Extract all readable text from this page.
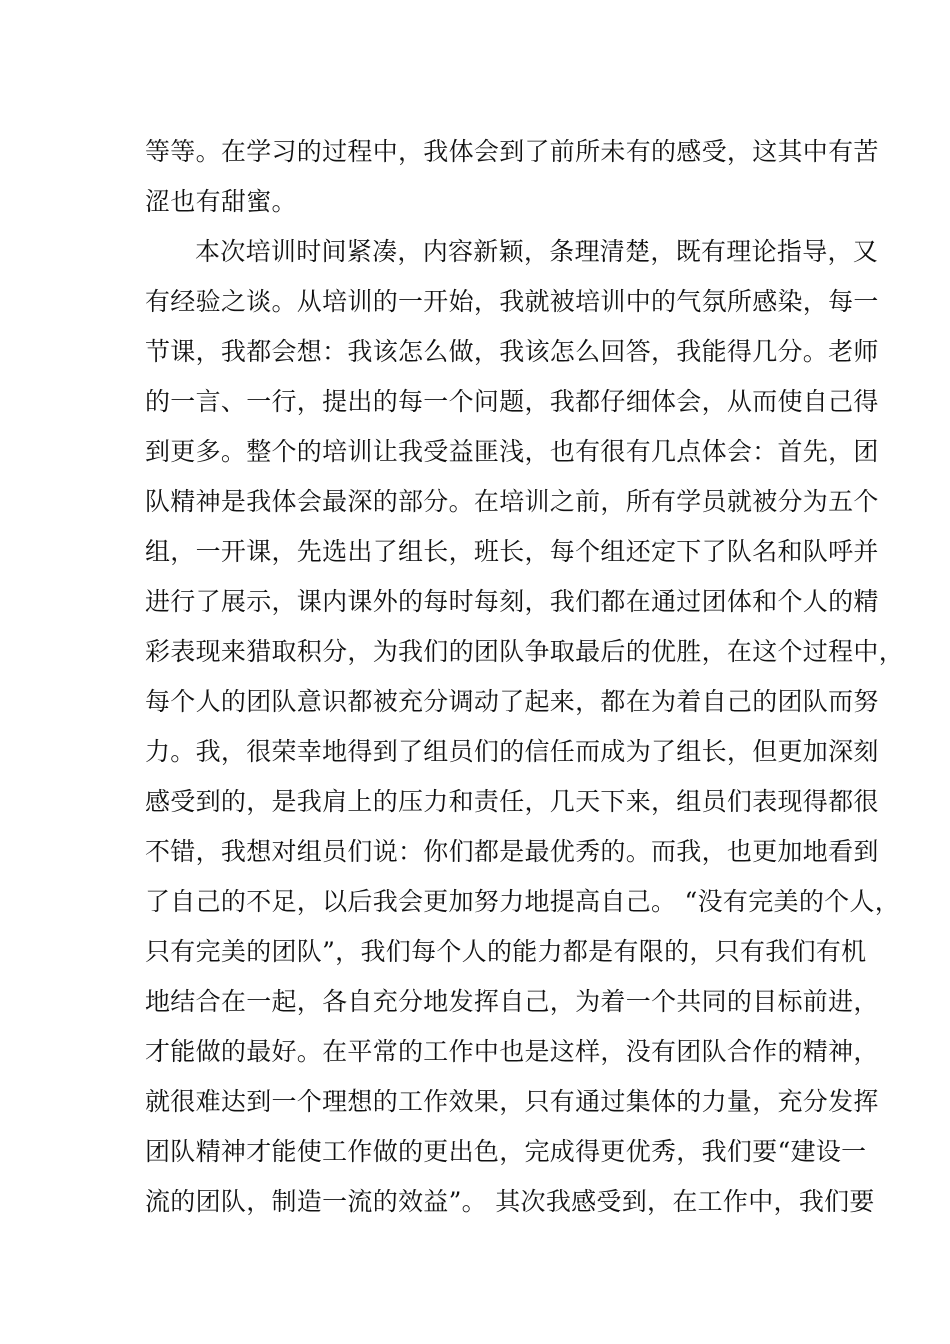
等等。在学习的过程中，我体会到了前所未有的感受，这其中有苦
涩也有甜蜜。
本次培训时间紧凑，内容新颖，条理清楚，既有理论指导，又
有经验之谈。从培训的一开始，我就被培训中的气氛所感染，每一
节课，我都会想：我该怎么做，我该怎么回答，我能得几分。老师
的一言、一行，提出的每一个问题，我都仔细体会，从而使自己得
到更多。整个的培训让我受益匪浅，也有很有几点体会：首先，团
队精神是我体会最深的部分。在培训之前，所有学员就被分为五个
组，一开课，先选出了组长，班长，每个组还定下了队名和队呼并
进行了展示，课内课外的每时每刻，我们都在通过团体和个人的精
彩表现来猎取积分，为我们的团队争取最后的优胜，在这个过程中，
每个人的团队意识都被充分调动了起来，都在为着自己的团队而努
力。我，很荣幸地得到了组员们的信任而成为了组长，但更加深刻
感受到的，是我肩上的压力和责任，几天下来，组员们表现得都很
不错，我想对组员们说：你们都是最优秀的。而我，也更加地看到
了自己的不足，以后我会更加努力地提高自己。 “没有完美的个人，
只有完美的团队”，我们每个人的能力都是有限的，只有我们有机
地结合在一起，各自充分地发挥自己，为着一个共同的目标前进，
才能做的最好。在平常的工作中也是这样，没有团队合作的精神，
就很难达到一个理想的工作效果，只有通过集体的力量，充分发挥
团队精神才能使工作做的更出色，完成得更优秀，我们要“建设一
流的团队，制造一流的效益”。 其次我感受到，在工作中，我们要
